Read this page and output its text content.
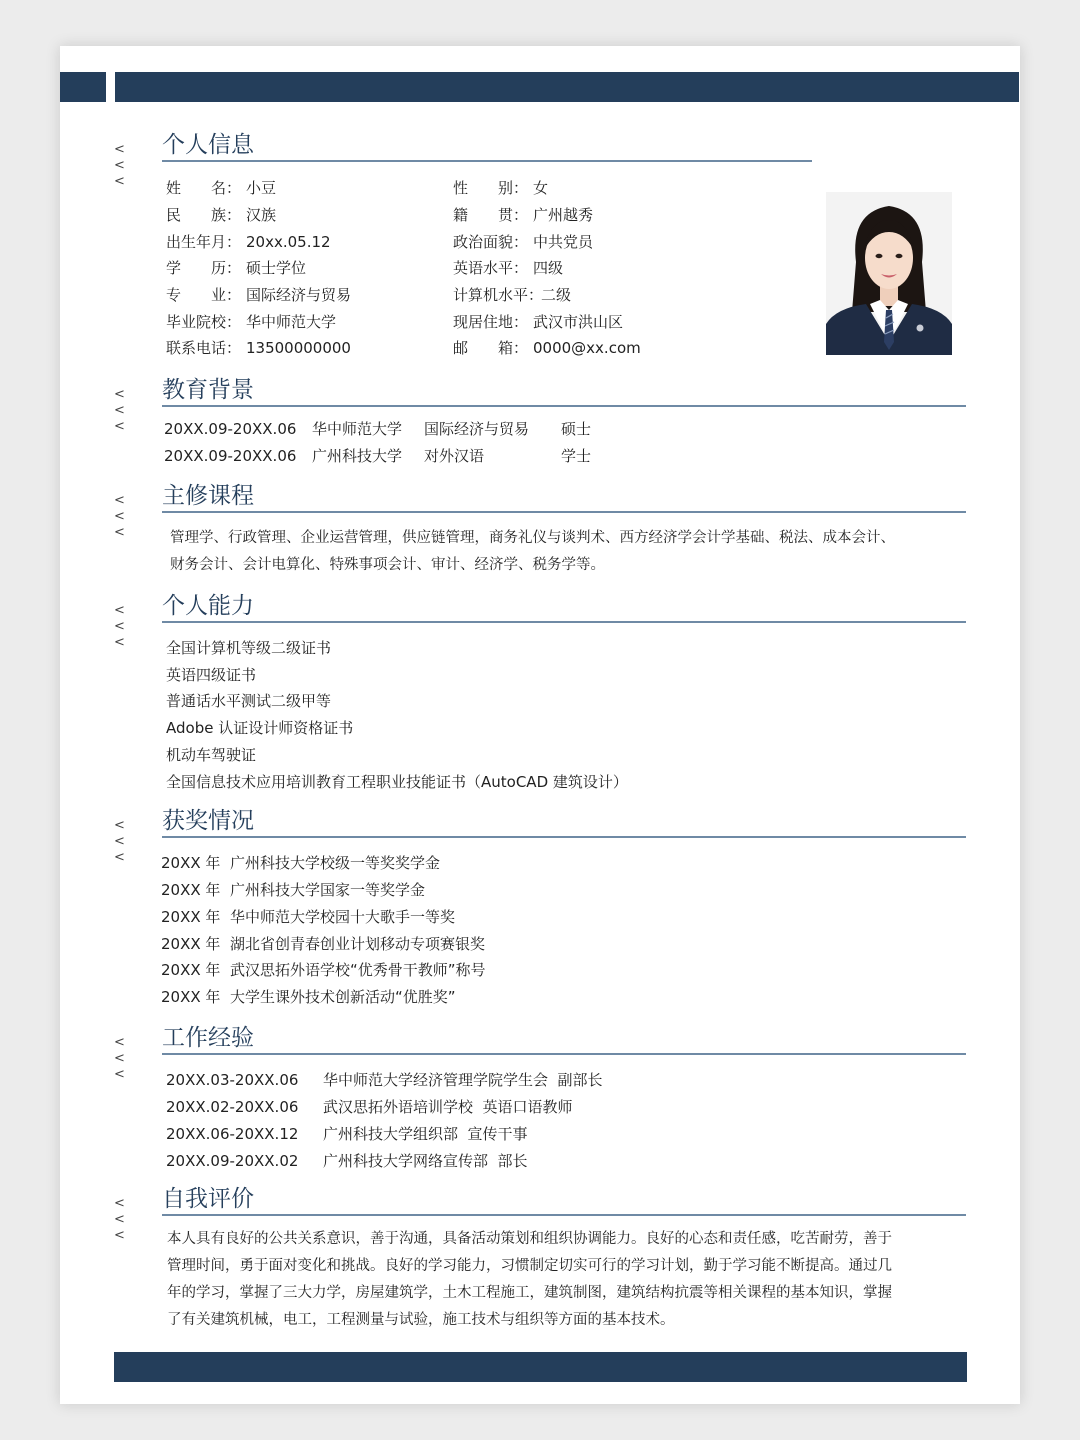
< < <
个人信息
姓　　名： 小豆
民　　族： 汉族
出生年月： 20xx.05.12
学　　历： 硕士学位
专　　业： 国际经济与贸易
毕业院校： 华中师范大学
联系电话： 13500000000
性　　别： 女
籍　　贯： 广州越秀
政治面貌： 中共党员
英语水平： 四级
计算机水平：二级
现居住地： 武汉市洪山区
邮　　箱： 0000@xx.com
< < <
教育背景
20XX.09-20XX.06 华中师范大学 国际经济与贸易 硕士
20XX.09-20XX.06 广州科技大学 对外汉语	学士
< < <
主修课程
管理学、行政管理、企业运营管理，供应链管理，商务礼仪与谈判术、西方经济学会计学基础、税法、成本会计、
财务会计、会计电算化、特殊事项会计、审计、经济学、税务学等。
< < <
个人能力
全国计算机等级二级证书
英语四级证书
普通话水平测试二级甲等
Adobe 认证设计师资格证书
机动车驾驶证
全国信息技术应用培训教育工程职业技能证书（AutoCAD 建筑设计）
< < <
获奖情况
20XX 年  广州科技大学校级一等奖奖学金
20XX 年  广州科技大学国家一等奖学金
20XX 年  华中师范大学校园十大歌手一等奖
20XX 年  湖北省创青春创业计划移动专项赛银奖
20XX 年  武汉思拓外语学校“优秀骨干教师”称号
20XX 年  大学生课外技术创新活动“优胜奖”
< < <
工作经验
20XX.03-20XX.06 华中师范大学经济管理学院学生会  副部长
20XX.02-20XX.06 武汉思拓外语培训学校  英语口语教师
20XX.06-20XX.12 广州科技大学组织部  宣传干事
20XX.09-20XX.02 广州科技大学网络宣传部  部长
< < <
自我评价
本人具有良好的公共关系意识，善于沟通，具备活动策划和组织协调能力。良好的心态和责任感，吃苦耐劳，善于
管理时间，勇于面对变化和挑战。良好的学习能力，习惯制定切实可行的学习计划，勤于学习能不断提高。通过几
年的学习，掌握了三大力学，房屋建筑学，土木工程施工，建筑制图，建筑结构抗震等相关课程的基本知识，掌握
了有关建筑机械，电工，工程测量与试验，施工技术与组织等方面的基本技术。
